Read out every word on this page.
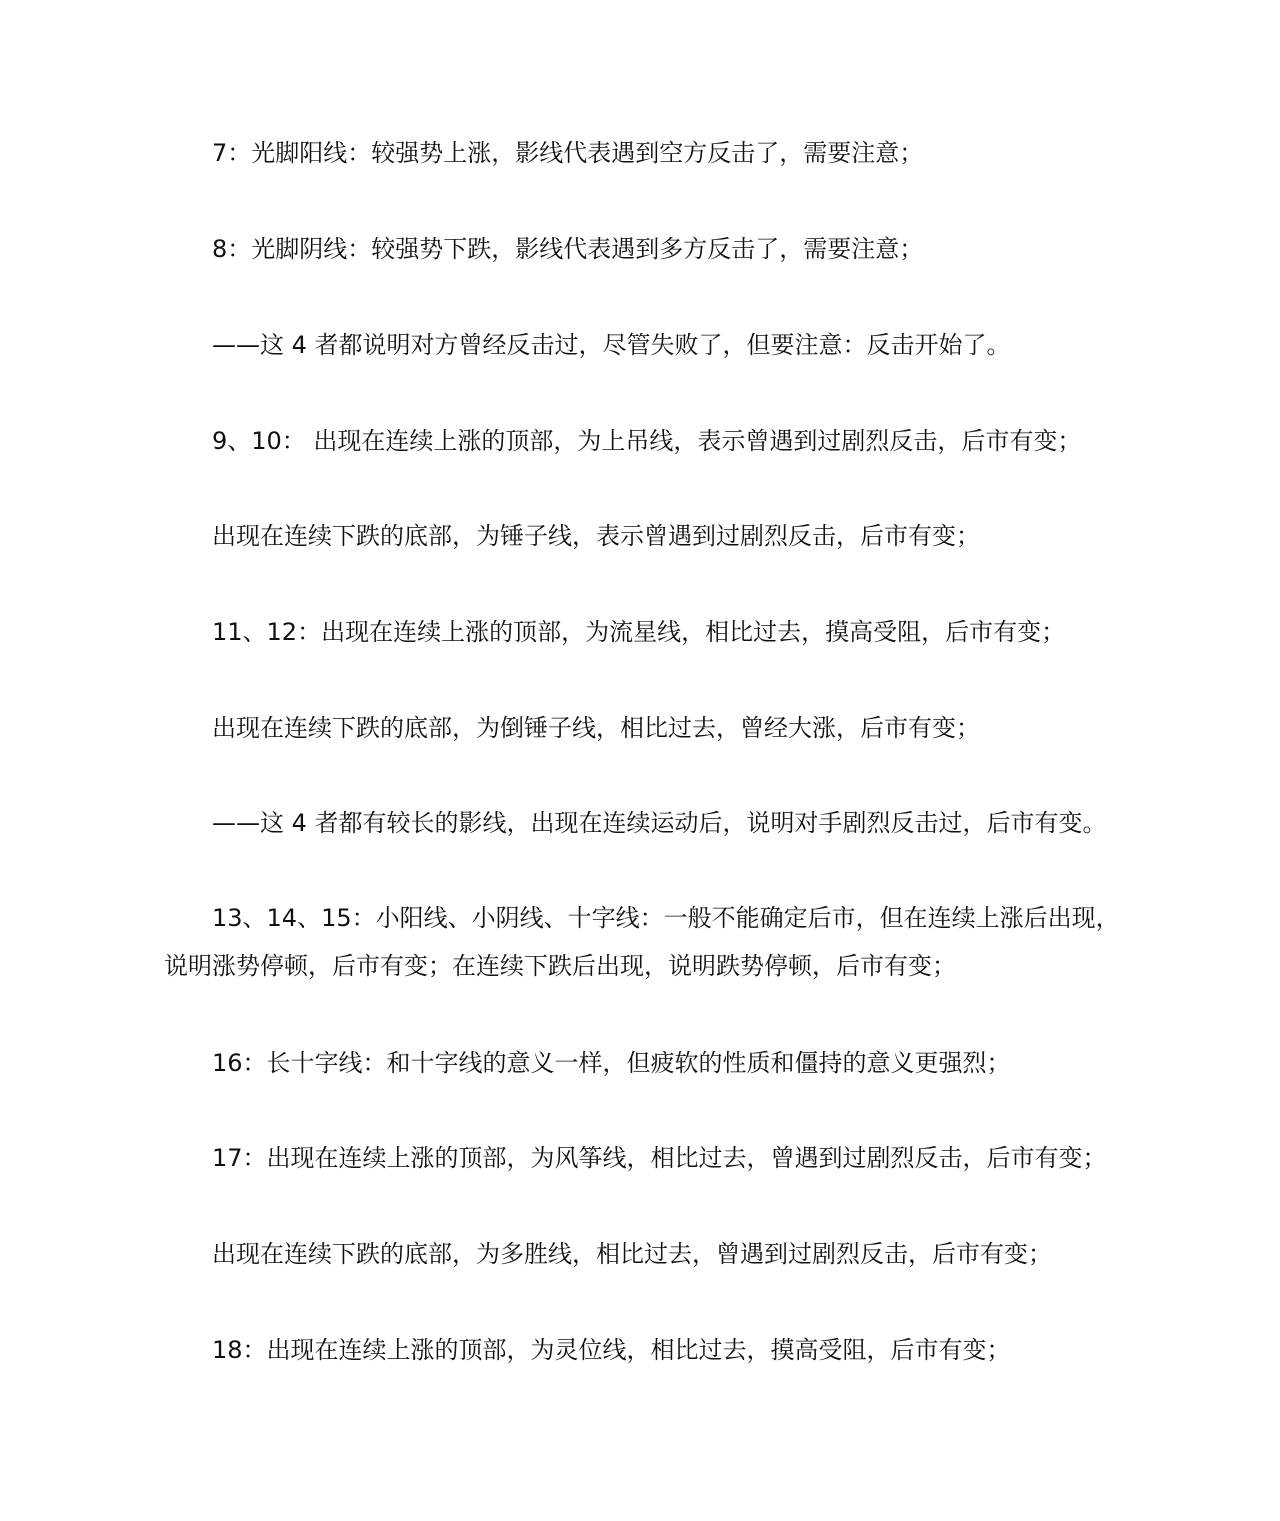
7：光脚阳线：较强势上涨，影线代表遇到空方反击了，需要注意；

8：光脚阴线：较强势下跌，影线代表遇到多方反击了，需要注意；

——这 4 者都说明对方曾经反击过，尽管失败了，但要注意：反击开始了。

9、10： 出现在连续上涨的顶部，为上吊线，表示曾遇到过剧烈反击，后市有变；

出现在连续下跌的底部，为锤子线，表示曾遇到过剧烈反击，后市有变；

11、12：出现在连续上涨的顶部，为流星线，相比过去，摸高受阻，后市有变；

出现在连续下跌的底部，为倒锤子线，相比过去，曾经大涨，后市有变；

——这 4 者都有较长的影线，出现在连续运动后，说明对手剧烈反击过，后市有变。

13、14、15：小阳线、小阴线、十字线：一般不能确定后市，但在连续上涨后出现，说明涨势停顿，后市有变；在连续下跌后出现，说明跌势停顿，后市有变；

16：长十字线：和十字线的意义一样，但疲软的性质和僵持的意义更强烈；

17：出现在连续上涨的顶部，为风筝线，相比过去，曾遇到过剧烈反击，后市有变；

出现在连续下跌的底部，为多胜线，相比过去，曾遇到过剧烈反击，后市有变；

18：出现在连续上涨的顶部，为灵位线，相比过去，摸高受阻，后市有变；
